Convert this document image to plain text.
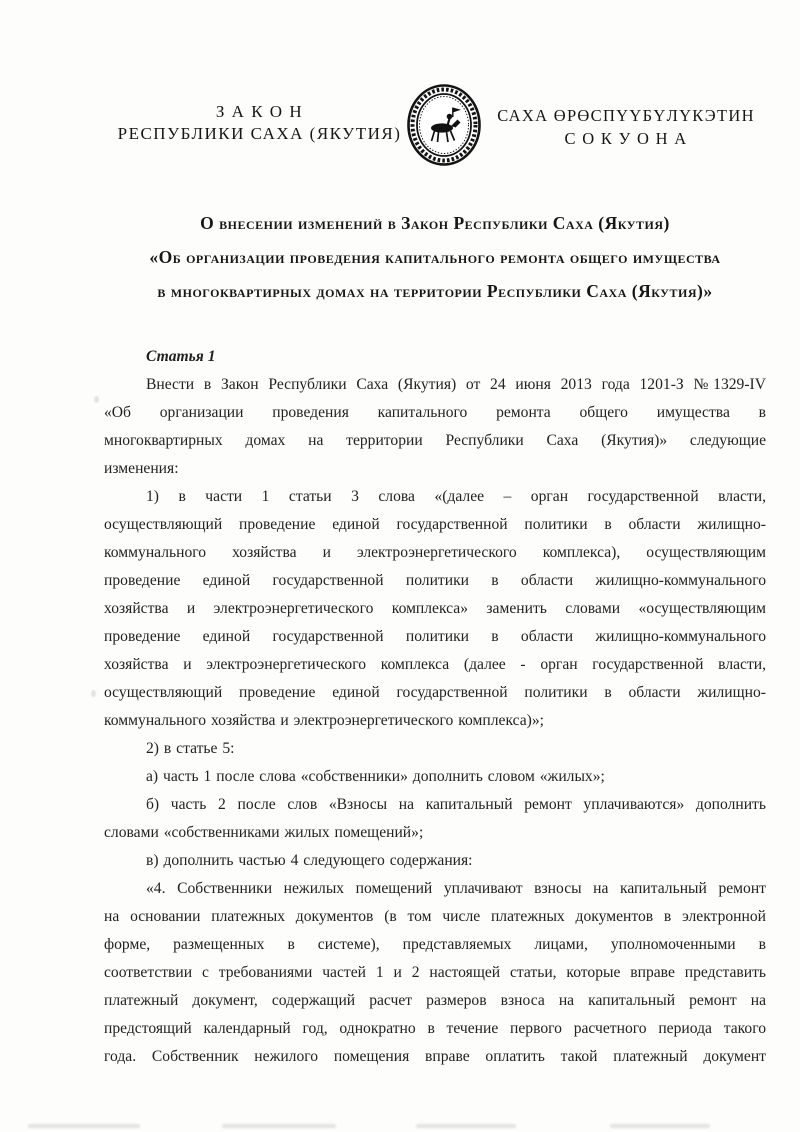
З А К О Н
РЕСПУБЛИКИ САХА (ЯКУТИЯ)
САХА ӨРӨСПҮҮБҮЛҮКЭТИН
С О К У О Н А
О внесении изменений в Закон Республики Саха (Якутия)
«Об организации проведения капитального ремонта общего имущества
в многоквартирных домах на территории Республики Саха (Якутия)»
Статья 1
Внести в Закон Республики Саха (Якутия) от 24 июня 2013 года 1201-З №1329-IV
«Об организации проведения капитального ремонта общего имущества в
многоквартирных домах на территории Республики Саха (Якутия)» следующие
изменения:
1) в части 1 статьи 3 слова «(далее – орган государственной власти,
осуществляющий проведение единой государственной политики в области жилищно-
коммунального хозяйства и электроэнергетического комплекса), осуществляющим
проведение единой государственной политики в области жилищно-коммунального
хозяйства и электроэнергетического комплекса» заменить словами «осуществляющим
проведение единой государственной политики в области жилищно-коммунального
хозяйства и электроэнергетического комплекса (далее - орган государственной власти,
осуществляющий проведение единой государственной политики в области жилищно-
коммунального хозяйства и электроэнергетического комплекса)»;
2) в статье 5:
а) часть 1 после слова «собственники» дополнить словом «жилых»;
б) часть 2 после слов «Взносы на капитальный ремонт уплачиваются» дополнить
словами «собственниками жилых помещений»;
в) дополнить частью 4 следующего содержания:
«4. Собственники нежилых помещений уплачивают взносы на капитальный ремонт
на основании платежных документов (в том числе платежных документов в электронной
форме, размещенных в системе), представляемых лицами, уполномоченными в
соответствии с требованиями частей 1 и 2 настоящей статьи, которые вправе представить
платежный документ, содержащий расчет размеров взноса на капитальный ремонт на
предстоящий календарный год, однократно в течение первого расчетного периода такого
года. Собственник нежилого помещения вправе оплатить такой платежный документ
